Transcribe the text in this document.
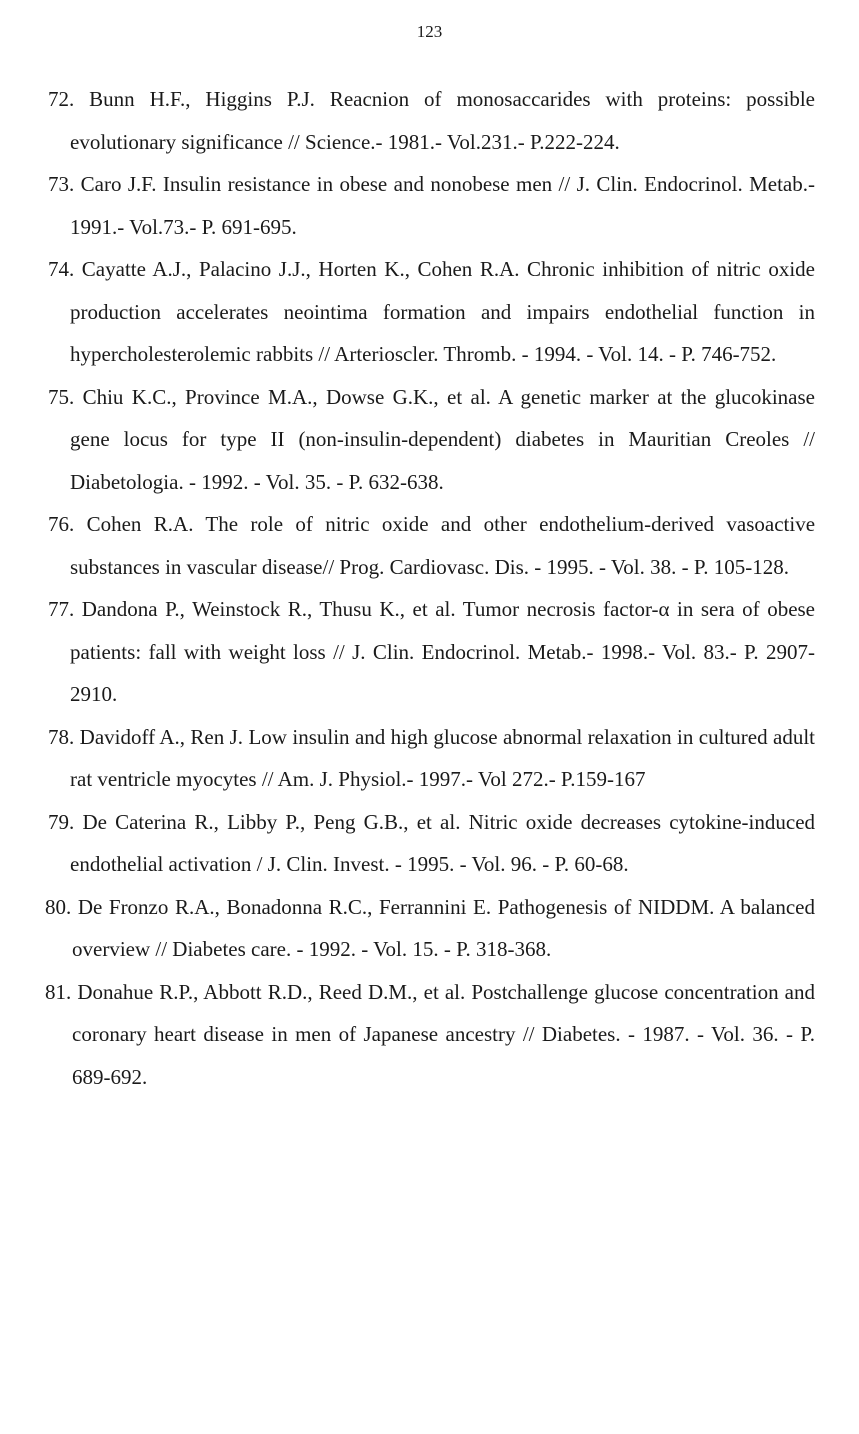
123
72. Bunn H.F., Higgins P.J. Reacnion of monosaccarides with proteins: possible evolutionary significance // Science.- 1981.- Vol.231.- P.222-224.
73. Caro J.F. Insulin resistance in obese and nonobese men // J. Clin. Endocrinol. Metab.- 1991.- Vol.73.- P. 691-695.
74. Cayatte A.J., Palacino J.J., Horten K., Cohen R.A. Chronic inhibition of nitric oxide production accelerates neointima formation and impairs endothelial function in hypercholesterolemic rabbits // Arterioscler. Thromb. - 1994. - Vol. 14. - P. 746-752.
75. Chiu K.C., Province M.A., Dowse G.K., et al. A genetic marker at the glucokinase gene locus for type II (non-insulin-dependent) diabetes in Mauritian Creoles // Diabetologia. - 1992. - Vol. 35. - P. 632-638.
76. Cohen R.A. The role of nitric oxide and other endothelium-derived vasoactive substances in vascular disease// Prog. Cardiovasc. Dis. - 1995. - Vol. 38. - P. 105-128.
77. Dandona P., Weinstock R., Thusu K., et al. Tumor necrosis factor-α in sera of obese patients: fall with weight loss // J. Clin. Endocrinol. Metab.- 1998.- Vol. 83.- P. 2907-2910.
78. Davidoff A., Ren J. Low insulin and high glucose abnormal relaxation in cultured adult rat ventricle myocytes // Am. J. Physiol.- 1997.- Vol 272.- P.159-167
79. De Caterina R., Libby P., Peng G.B., et al. Nitric oxide decreases cytokine-induced endothelial activation / J. Clin. Invest. - 1995. - Vol. 96. - P. 60-68.
80. De Fronzo R.A., Bonadonna R.C., Ferrannini E. Pathogenesis of NIDDM. A balanced overview // Diabetes care. - 1992. - Vol. 15. - P. 318-368.
81. Donahue R.P., Abbott R.D., Reed D.M., et al. Postchallenge glucose concentration and coronary heart disease in men of Japanese ancestry // Diabetes. - 1987. - Vol. 36. - P. 689-692.
